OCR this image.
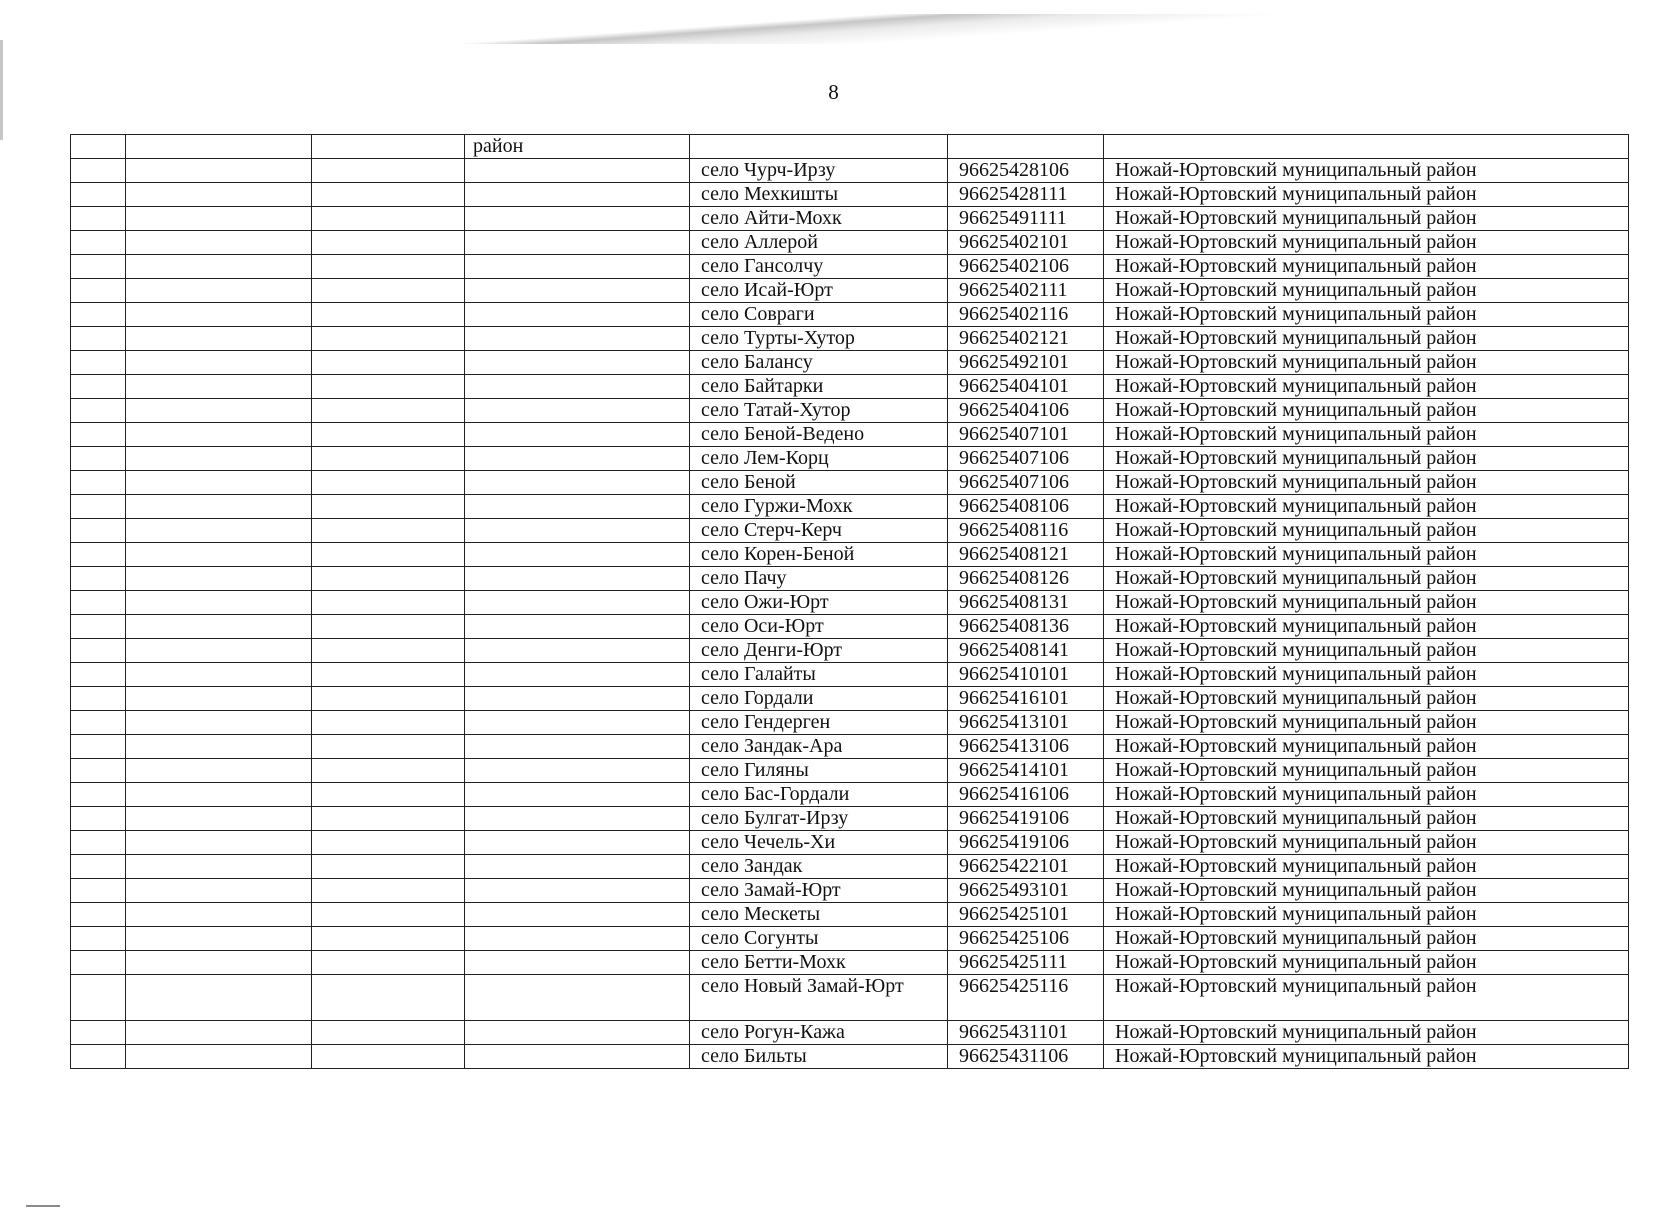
8
			район			
				село Чурч-Ирзу	96625428106	Ножай-Юртовский муниципальный район
				село Мехкишты	96625428111	Ножай-Юртовский муниципальный район
				село Айти-Мохк	96625491111	Ножай-Юртовский муниципальный район
				село Аллерой	96625402101	Ножай-Юртовский муниципальный район
				село Гансолчу	96625402106	Ножай-Юртовский муниципальный район
				село Исай-Юрт	96625402111	Ножай-Юртовский муниципальный район
				село Совраги	96625402116	Ножай-Юртовский муниципальный район
				село Турты-Хутор	96625402121	Ножай-Юртовский муниципальный район
				село Балансу	96625492101	Ножай-Юртовский муниципальный район
				село Байтарки	96625404101	Ножай-Юртовский муниципальный район
				село Татай-Хутор	96625404106	Ножай-Юртовский муниципальный район
				село Беной-Ведено	96625407101	Ножай-Юртовский муниципальный район
				село Лем-Корц	96625407106	Ножай-Юртовский муниципальный район
				село Беной	96625407106	Ножай-Юртовский муниципальный район
				село Гуржи-Мохк	96625408106	Ножай-Юртовский муниципальный район
				село Стерч-Керч	96625408116	Ножай-Юртовский муниципальный район
				село Корен-Беной	96625408121	Ножай-Юртовский муниципальный район
				село Пачу	96625408126	Ножай-Юртовский муниципальный район
				село Ожи-Юрт	96625408131	Ножай-Юртовский муниципальный район
				село Оси-Юрт	96625408136	Ножай-Юртовский муниципальный район
				село Денги-Юрт	96625408141	Ножай-Юртовский муниципальный район
				село Галайты	96625410101	Ножай-Юртовский муниципальный район
				село Гордали	96625416101	Ножай-Юртовский муниципальный район
				село Гендерген	96625413101	Ножай-Юртовский муниципальный район
				село Зандак-Ара	96625413106	Ножай-Юртовский муниципальный район
				село Гиляны	96625414101	Ножай-Юртовский муниципальный район
				село Бас-Гордали	96625416106	Ножай-Юртовский муниципальный район
				село Булгат-Ирзу	96625419106	Ножай-Юртовский муниципальный район
				село Чечель-Хи	96625419106	Ножай-Юртовский муниципальный район
				село Зандак	96625422101	Ножай-Юртовский муниципальный район
				село Замай-Юрт	96625493101	Ножай-Юртовский муниципальный район
				село Мескеты	96625425101	Ножай-Юртовский муниципальный район
				село Согунты	96625425106	Ножай-Юртовский муниципальный район
				село Бетти-Мохк	96625425111	Ножай-Юртовский муниципальный район
				село Новый Замай-Юрт	96625425116	Ножай-Юртовский муниципальный район
				село Рогун-Кажа	96625431101	Ножай-Юртовский муниципальный район
				село Бильты	96625431106	Ножай-Юртовский муниципальный район
